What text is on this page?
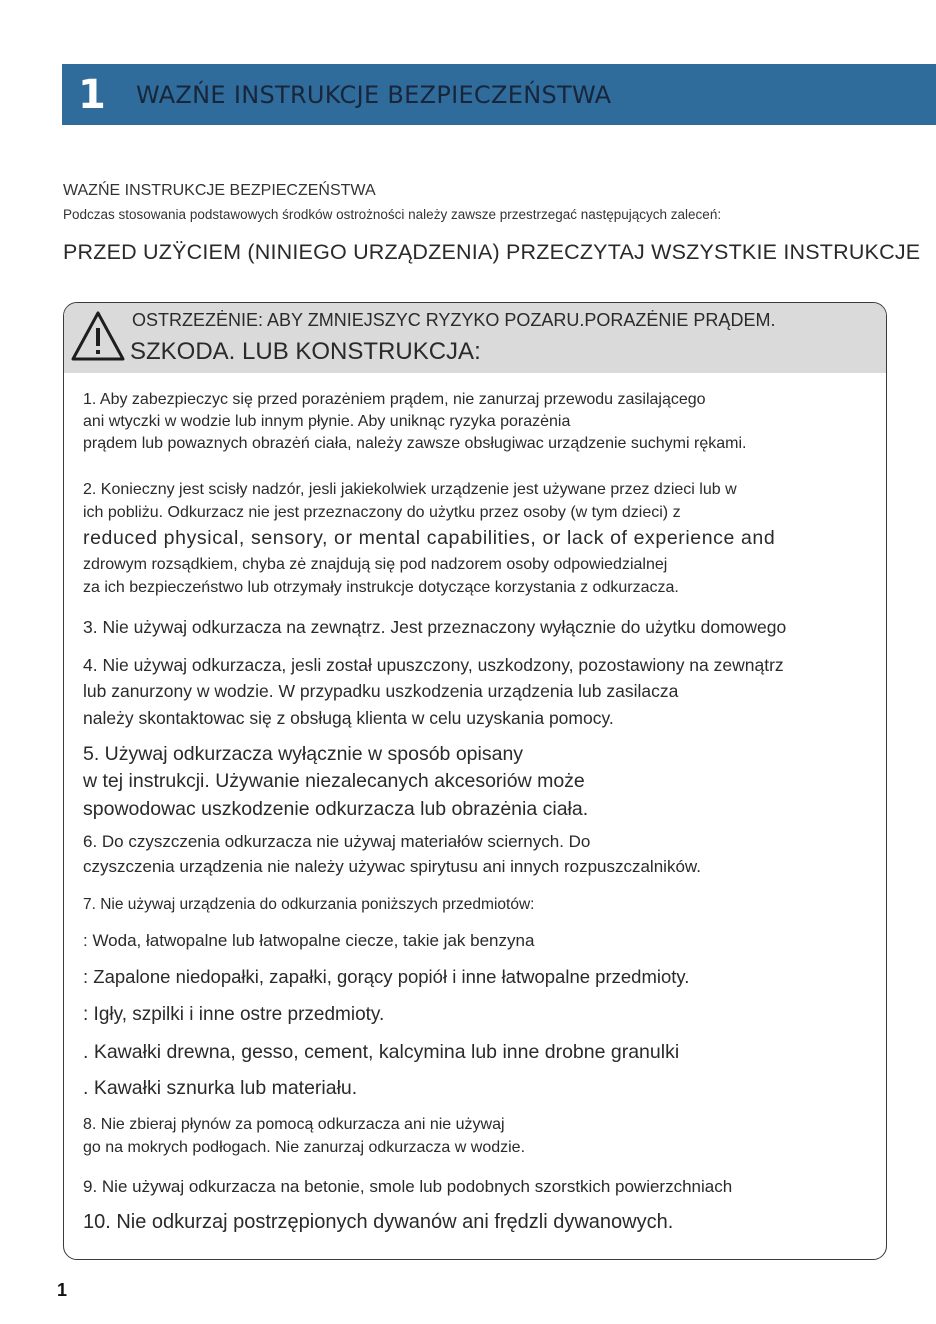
1	WAZŃE INSTRUKCJE BEZPIECZEŃSTWA
WAZŃE INSTRUKCJE BEZPIECZEŃSTWA
Podczas stosowania podstawowych środków ostrożności należy zawsze przestrzegać następujących zaleceń:
PRZED UZŸCIEM (NINIEGO URZĄDZENIA) PRZECZYTAJ WSZYSTKIE INSTRUKCJE
OSTRZEZĖNIE: ABY ZMNIEJSZYC RYZYKO POZARU.PORAZĖNIE PRĄDEM.
SZKODA. LUB KONSTRUKCJA:
1. Aby zabezpieczyc się przed porazėniem prądem, nie zanurzaj przewodu zasilającego
ani wtyczki w wodzie lub innym płynie. Aby uniknąc ryzyka porazėnia
prądem lub powaznych obrazėń ciała, należy zawsze obsługiwac urządzenie suchymi rękami.
2. Konieczny jest scisły nadzór, jesli jakiekolwiek urządzenie jest używane przez dzieci lub w
ich pobliżu. Odkurzacz nie jest przeznaczony do użytku przez osoby (w tym dzieci) z
reduced physical, sensory, or mental capabilities, or lack of experience and
zdrowym rozsądkiem, chyba zė znajdują się pod nadzorem osoby odpowiedzialnej
za ich bezpieczeństwo lub otrzymały instrukcje dotyczące korzystania z odkurzacza.
3. Nie używaj odkurzacza na zewnątrz. Jest przeznaczony wyłącznie do użytku domowego
4. Nie używaj odkurzacza, jesli został upuszczony, uszkodzony, pozostawiony na zewnątrz
lub zanurzony w wodzie. W przypadku uszkodzenia urządzenia lub zasilacza
należy skontaktowac się z obsługą klienta w celu uzyskania pomocy.
5. Używaj odkurzacza wyłącznie w sposób opisany
w tej instrukcji. Używanie niezalecanych akcesoriów może
spowodowac uszkodzenie odkurzacza lub obrazėnia ciała.
6. Do czyszczenia odkurzacza nie używaj materiałów sciernych. Do
czyszczenia urządzenia nie należy używac spirytusu ani innych rozpuszczalników.
7. Nie używaj urządzenia do odkurzania poniższych przedmiotów:
: Woda, łatwopalne lub łatwopalne ciecze, takie jak benzyna
: Zapalone niedopałki, zapałki, gorący popiół i inne łatwopalne przedmioty.
: Igły, szpilki i inne ostre przedmioty.
. Kawałki drewna, gesso, cement, kalcymina lub inne drobne granulki
. Kawałki sznurka lub materiału.
8. Nie zbieraj płynów za pomocą odkurzacza ani nie używaj
go na mokrych podłogach. Nie zanurzaj odkurzacza w wodzie.
9. Nie używaj odkurzacza na betonie, smole lub podobnych szorstkich powierzchniach
10. Nie odkurzaj postrzępionych dywanów ani frędzli dywanowych.
1
